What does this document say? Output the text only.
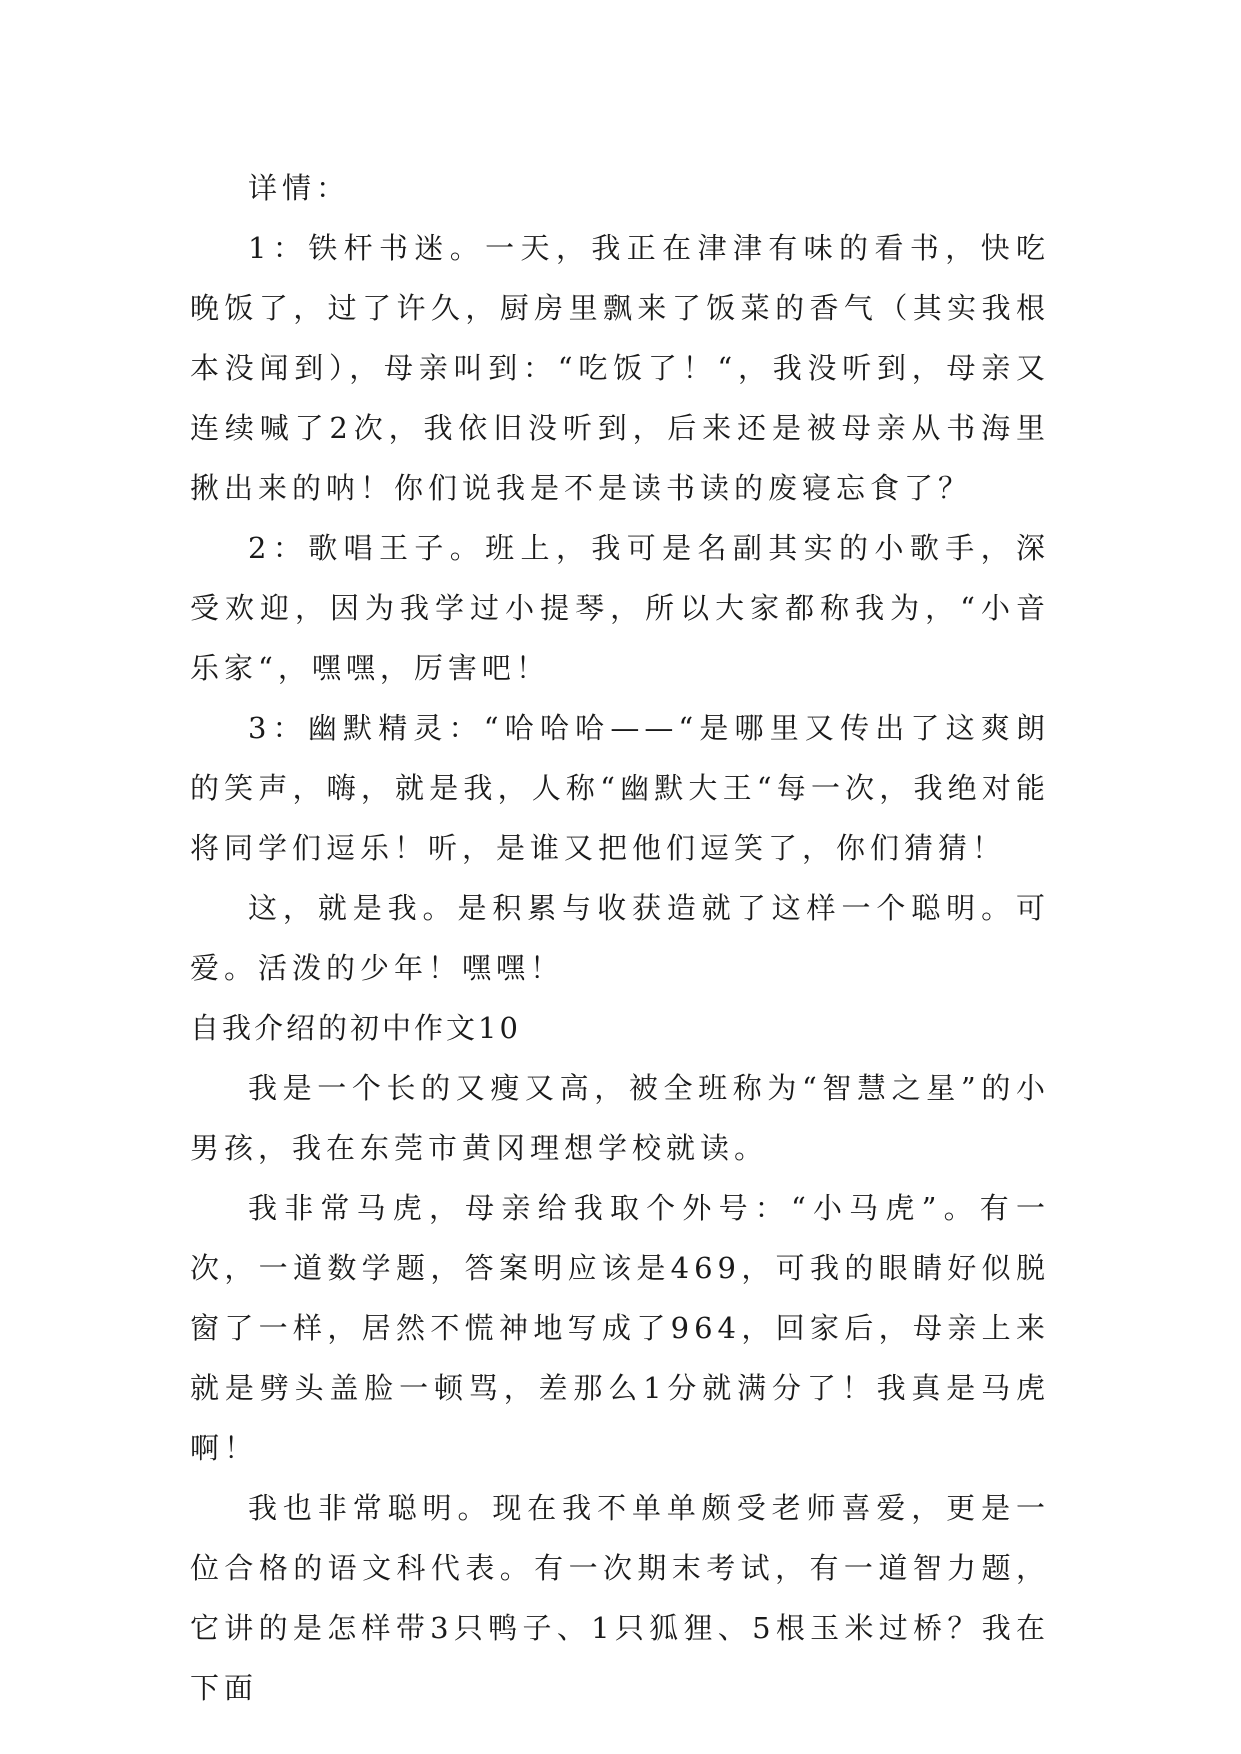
详情：

1：铁杆书迷。一天，我正在津津有味的看书，快吃晚饭了，过了许久，厨房里飘来了饭菜的香气（其实我根本没闻到），母亲叫到：“吃饭了！“，我没听到，母亲又连续喊了2次，我依旧没听到，后来还是被母亲从书海里揪出来的呐！你们说我是不是读书读的废寝忘食了？

2：歌唱王子。班上，我可是名副其实的小歌手，深受欢迎，因为我学过小提琴，所以大家都称我为，“小音乐家“，嘿嘿，厉害吧！

3：幽默精灵：“哈哈哈——“是哪里又传出了这爽朗的笑声，嗨，就是我，人称“幽默大王“每一次，我绝对能将同学们逗乐！听，是谁又把他们逗笑了，你们猜猜！

这，就是我。是积累与收获造就了这样一个聪明。可爱。活泼的少年！嘿嘿！

自我介绍的初中作文10

我是一个长的又瘦又高，被全班称为“智慧之星”的小男孩，我在东莞市黄冈理想学校就读。

我非常马虎，母亲给我取个外号：“小马虎”。有一次，一道数学题，答案明应该是469，可我的眼睛好似脱窗了一样，居然不慌神地写成了964，回家后，母亲上来就是劈头盖脸一顿骂，差那么1分就满分了！我真是马虎啊！

我也非常聪明。现在我不单单颇受老师喜爱，更是一位合格的语文科代表。有一次期末考试，有一道智力题，它讲的是怎样带3只鸭子、1只狐狸、5根玉米过桥？我在下面
